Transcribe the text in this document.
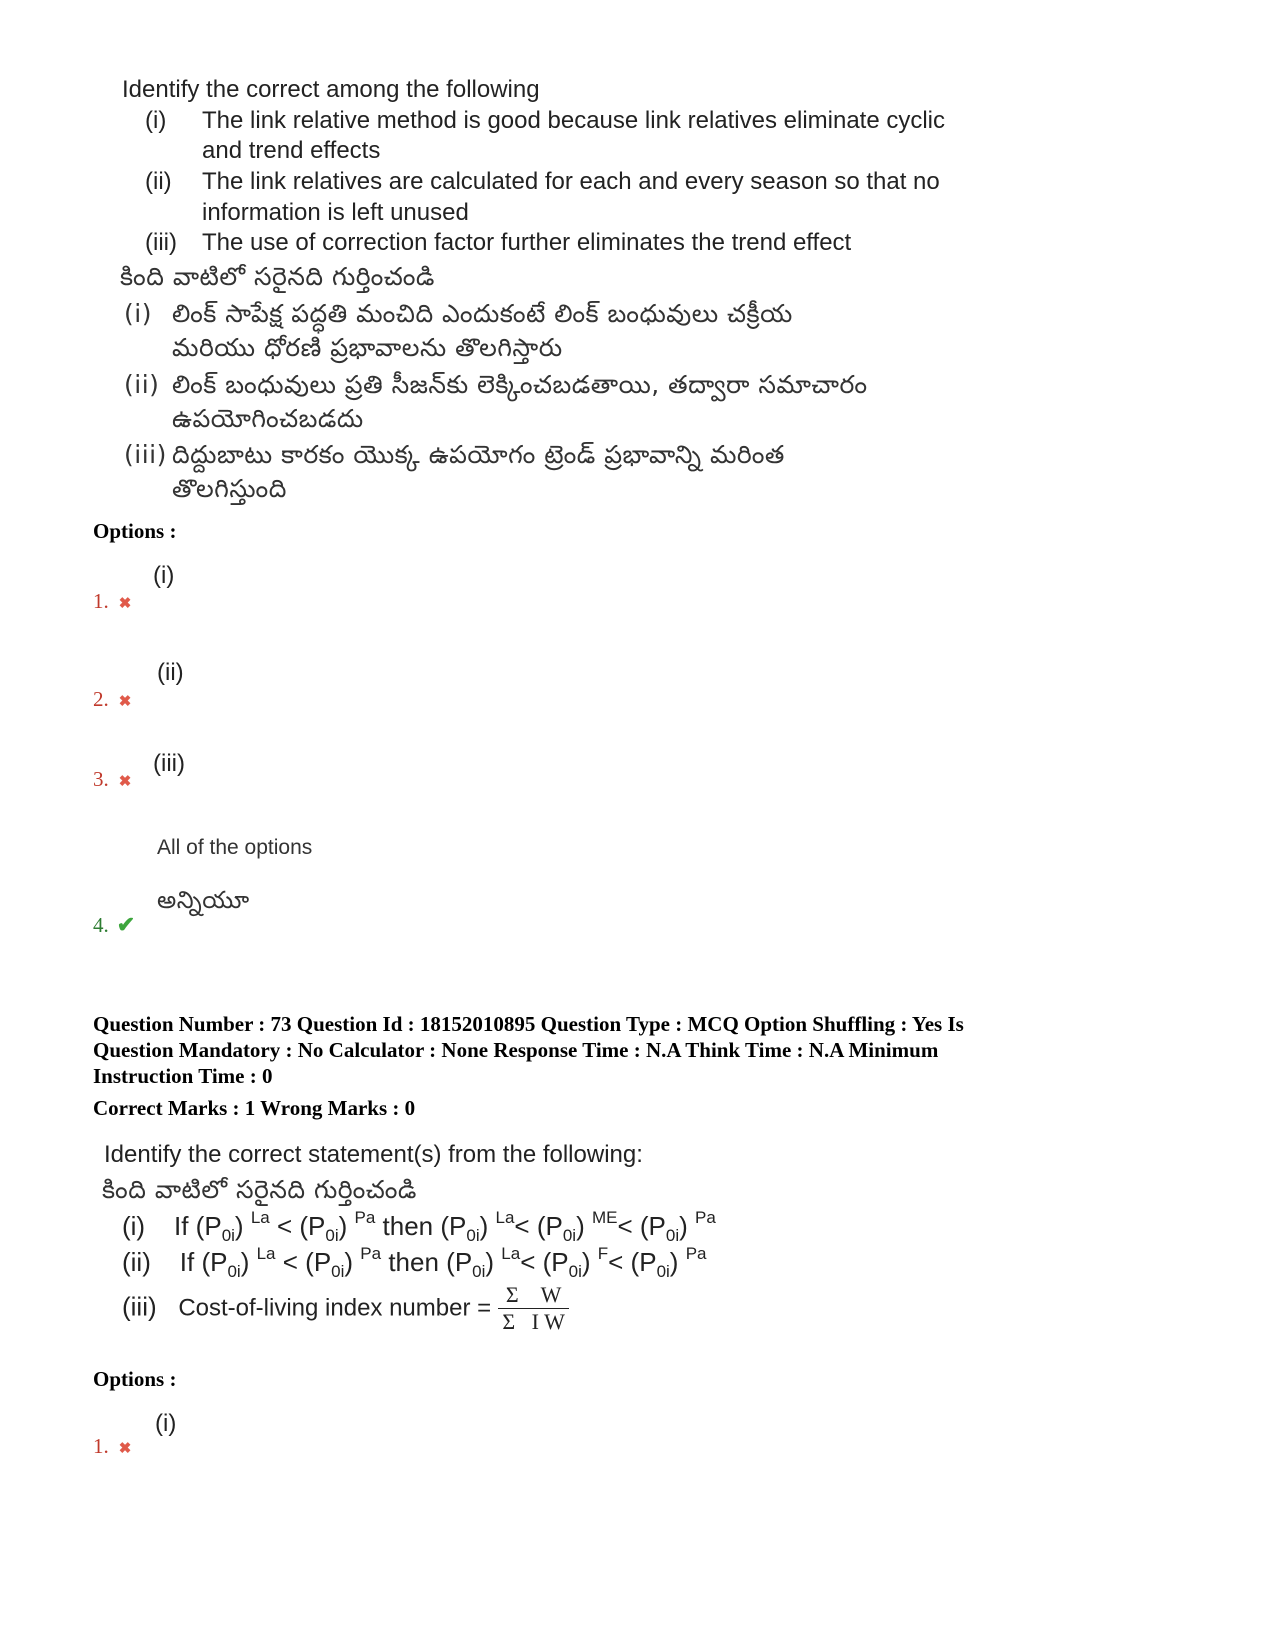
Identify the correct among the following
(i) The link relative method is good because link relatives eliminate cyclic
and trend effects
(ii) The link relatives are calculated for each and every season so that no
information is left unused
(iii) The use of correction factor further eliminates the trend effect
కింది వాటిలో సరైనది గుర్తించండి
(i) లింక్ సాపేక్ష పద్ధతి మంచిది ఎందుకంటే లింక్ బంధువులు చక్రీయ
మరియు ధోరణి ప్రభావాలను తొలగిస్తారు
(ii) లింక్ బంధువులు ప్రతి సీజన్‌కు లెక్కించబడతాయి, తద్వారా సమాచారం
ఉపయోగించబడదు
(iii) దిద్దుబాటు కారకం యొక్క ఉపయోగం ట్రెండ్ ప్రభావాన్ని మరింత
తొలగిస్తుంది
Options :
(i)
1. ✖
(ii)
2. ✖
(iii)
3. ✖
All of the options
అన్నియూ
4. ✔
Question Number : 73 Question Id : 18152010895 Question Type : MCQ Option Shuffling : Yes Is
Question Mandatory : No Calculator : None Response Time : N.A Think Time : N.A Minimum
Instruction Time : 0
Correct Marks : 1 Wrong Marks : 0
Identify the correct statement(s) from the following:
కింది వాటిలో సరైనది గుర్తించండి
(i) If $(P_{0i}) ^{La} < (P_{0i})$ $^{Pa}$ then $(P_{0i})$ $^{La}< (P_{0i})$ $^{ME}< (P_{0i})$ $^{Pa}$
(ii) If $(P_{0i}) ^{La} < (P_{0i})$ $^{Pa}$ then $(P_{0i})$ $^{La}< (P_{0i})$ $^F< (P_{0i})$ $^{Pa}$
(iii) Cost-of-living index number = $\frac{\text{Σ    W}}{\text{Σ   I W}}$
Options :
(i)
1. ✖
